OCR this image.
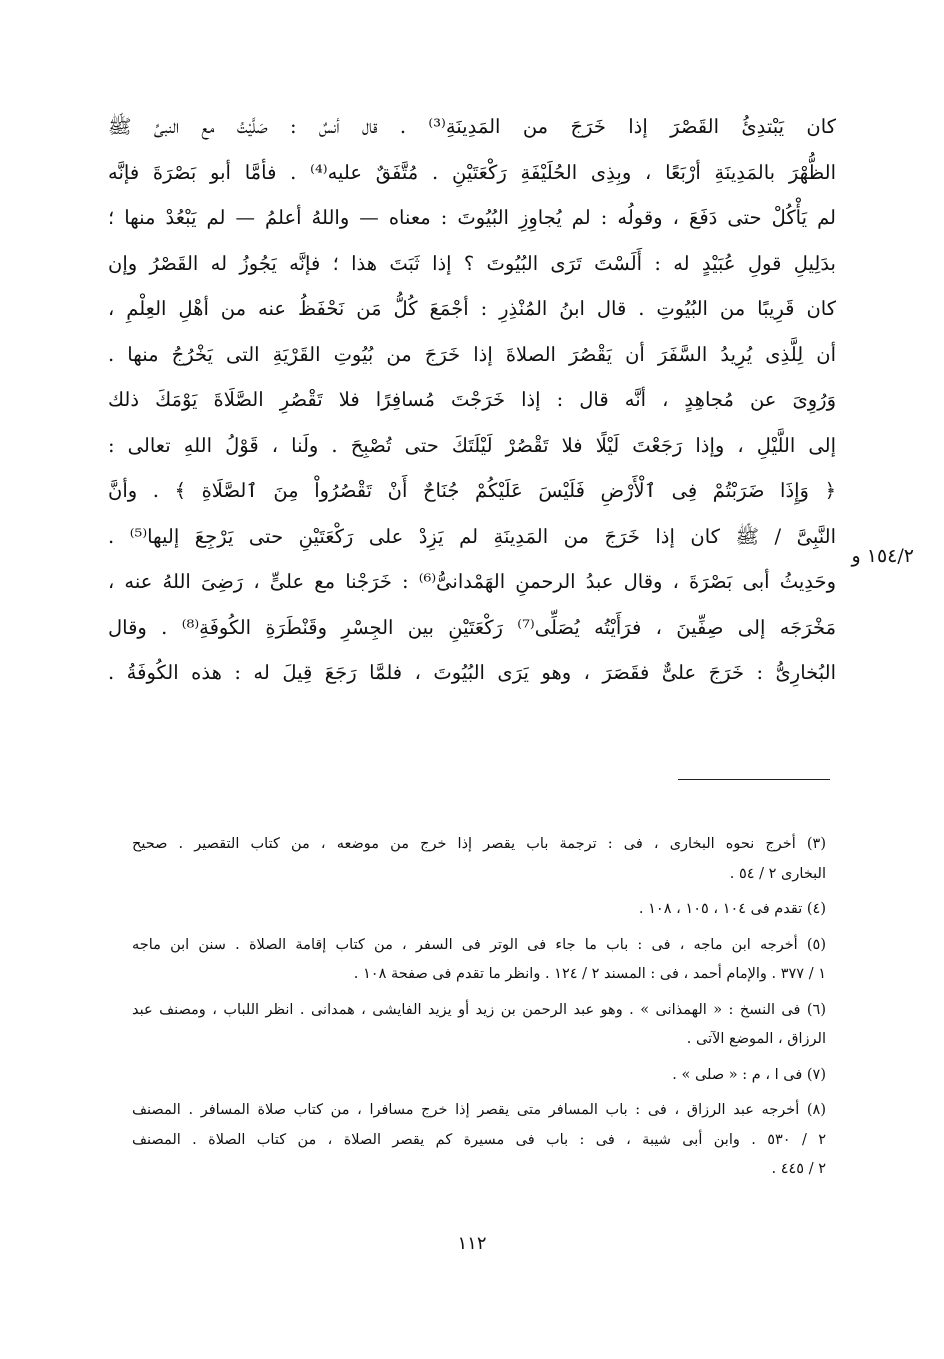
كان يَبْتدِئُ القَصْرَ إذا خَرَجَ من المَدِينَةِ⁽³⁾ . قال أنسٌ : صَلَّيْتُ مع النبىِّ ﷺ
الظُّهْرَ بالمَدِينَةِ أرْبَعًا ، وبِذِى الحُلَيْفَةِ رَكْعَتَيْنِ . مُتَّفَقٌ عليه⁽⁴⁾ . فأمَّا أبو بَصْرَةَ فإنَّه
لم يَأْكُلْ حتى دَفَعَ ، وقولُه : لم يُجاوِزِ البُيُوتَ : معناه — واللهُ أعلمُ — لم يَبْعُدْ منها ؛
بدَلِيلِ قولِ عُبَيْدٍ له : أَلَسْتَ تَرَى البُيُوتَ ؟ إذا ثَبَتَ هذا ؛ فإنَّه يَجُوزُ له القَصْرُ وإن
كان قَرِيبًا من البُيُوتِ . قال ابنُ المُنْذِرِ : أجْمَعَ كُلُّ مَن نَحْفَظُ عنه من أهْلِ العِلْمِ ،
أن لِلَّذِى يُرِيدُ السَّفَرَ أن يَقْصُرَ الصلاةَ إذا خَرَجَ من بُيُوتِ القَرْيَةِ التى يَخْرُجُ منها .
وَرُوِىَ عن مُجاهِدٍ ، أنَّه قال : إذا خَرَجْتَ مُسافِرًا فلا تَقْصُرِ الصَّلَاةَ يَوْمَكَ ذلك
إلى اللَّيْلِ ، وإذا رَجَعْتَ لَيْلًا فلا تَقْصُرْ لَيْلَتَكَ حتى تُصْبِحَ . ولَنا ، قَوْلُ اللهِ تعالى :
﴿ وَإِذَا ضَرَبْتُمْ فِى ٱلْأَرْضِ فَلَيْسَ عَلَيْكُمْ جُنَاحٌ أَنْ تَقْصُرُواْ مِنَ ٱلصَّلَاةِ ﴾ . وأنَّ
النَّبِىَّ / ﷺ كان إذا خَرَجَ من المَدِينَةِ لم يَزِدْ على رَكْعَتَيْنِ حتى يَرْجِعَ إليها⁽⁵⁾ .
وحَدِيثُ أبى بَصْرَةَ ، وقال عبدُ الرحمنِ الهَمْدانىُّ⁽⁶⁾ : خَرَجْنا مع علىٍّ ، رَضِىَ اللهُ عنه ،
مَخْرَجَه إلى صِفِّينَ ، فرَأَيْتُه يُصَلِّى⁽⁷⁾ رَكْعَتَيْنِ بين الجِسْرِ وقَنْطَرَةِ الكُوفَةِ⁽⁸⁾ . وقال
البُخارِىُّ : خَرَجَ علىٌّ فقَصَرَ ، وهو يَرَى البُيُوتَ ، فلمَّا رَجَعَ قِيلَ له : هذه الكُوفَةُ .
١٥٤/٢ و
(٣) أخرج نحوه البخارى ، فى : ترجمة باب يقصر إذا خرج من موضعه ، من كتاب التقصير . صحيح
البخارى ٢ / ٥٤ .
(٤) تقدم فى ١٠٤ ، ١٠٥ ، ١٠٨ .
(٥) أخرجه ابن ماجه ، فى : باب ما جاء فى الوتر فى السفر ، من كتاب إقامة الصلاة . سنن ابن ماجه
١ / ٣٧٧ . والإمام أحمد ، فى : المسند ٢ / ١٢٤ . وانظر ما تقدم فى صفحة ١٠٨ .
(٦) فى النسخ : « الهمذانى » . وهو عبد الرحمن بن زيد أو يزيد الفايشى ، همدانى . انظر اللباب ، ومصنف عبد
الرزاق ، الموضع الآتى .
(٧) فى ا ، م : « صلى » .
(٨) أخرجه عبد الرزاق ، فى : باب المسافر متى يقصر إذا خرج مسافرا ، من كتاب صلاة المسافر . المصنف
٢ / ٥٣٠ . وابن أبى شيبة ، فى : باب فى مسيرة كم يقصر الصلاة ، من كتاب الصلاة . المصنف
٢ / ٤٤٥ .
١١٢
